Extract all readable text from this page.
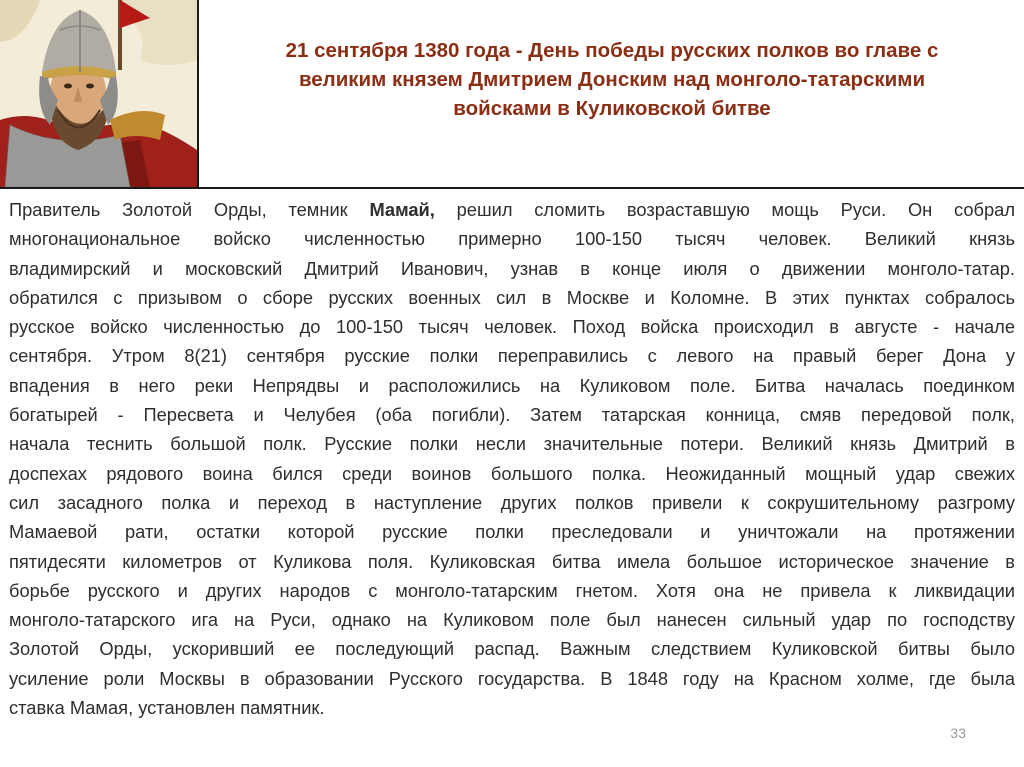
21 сентября 1380 года - День победы русских полков во главе с
великим князем Дмитрием Донским над монголо-татарскими
войсками в Куликовской битве
Правитель Золотой Орды, темник Мамай, решил сломить возраставшую мощь Руси. Он собрал
многонациональное войско численностью примерно 100-150 тысяч человек. Великий князь
владимирский и московский Дмитрий Иванович, узнав в конце июля о движении монголо-татар.
обратился с призывом о сборе русских военных сил в Москве и Коломне. В этих пунктах собралось
русское войско численностью до 100-150 тысяч человек. Поход войска происходил в августе - начале
сентября. Утром 8(21) сентября русские полки переправились с левого на правый берег Дона у
впадения в него реки Непрядвы и расположились на Куликовом поле. Битва началась поединком
богатырей - Пересвета и Челубея (оба погибли). Затем татарская конница, смяв передовой полк,
начала теснить большой полк. Русские полки несли значительные потери. Великий князь Дмитрий в
доспехах рядового воина бился среди воинов большого полка. Неожиданный мощный удар свежих
сил засадного полка и переход в наступление других полков привели к сокрушительному разгрому
Мамаевой рати, остатки которой русские полки преследовали и уничтожали на протяжении
пятидесяти километров от Куликова поля. Куликовская битва имела большое историческое значение в
борьбе русского и других народов с монголо-татарским гнетом. Хотя она не привела к ликвидации
монголо-татарского ига на Руси, однако на Куликовом поле был нанесен сильный удар по господству
Золотой Орды, ускоривший ее последующий распад. Важным следствием Куликовской битвы было
усиление роли Москвы в образовании Русского государства. В 1848 году на Красном холме, где была
ставка Мамая, установлен памятник.
33
